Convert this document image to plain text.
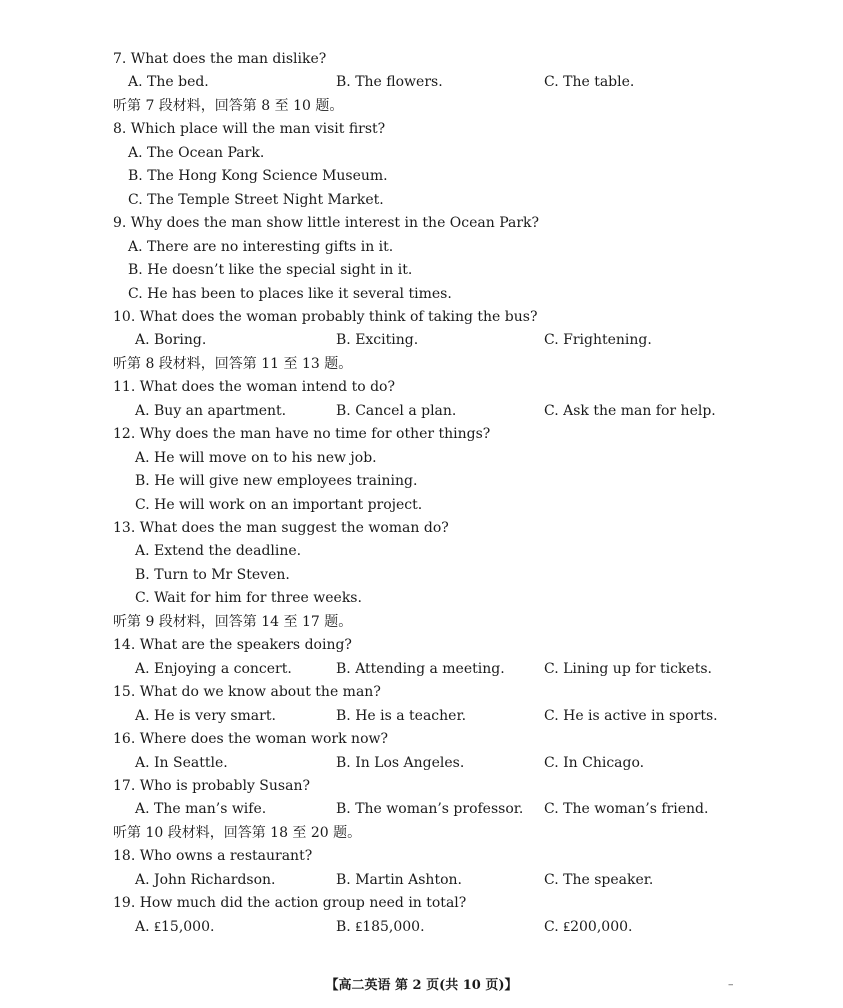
7. What does the man dislike?
A. The bed.	B. The flowers.	C. The table.
听第 7 段材料，回答第 8 至 10 题。
8. Which place will the man visit first?
A. The Ocean Park.
B. The Hong Kong Science Museum.
C. The Temple Street Night Market.
9. Why does the man show little interest in the Ocean Park?
A. There are no interesting gifts in it.
B. He doesn’t like the special sight in it.
C. He has been to places like it several times.
10. What does the woman probably think of taking the bus?
A. Boring.	B. Exciting.	C. Frightening.
听第 8 段材料，回答第 11 至 13 题。
11. What does the woman intend to do?
A. Buy an apartment.	B. Cancel a plan.	C. Ask the man for help.
12. Why does the man have no time for other things?
A. He will move on to his new job.
B. He will give new employees training.
C. He will work on an important project.
13. What does the man suggest the woman do?
A. Extend the deadline.
B. Turn to Mr Steven.
C. Wait for him for three weeks.
听第 9 段材料，回答第 14 至 17 题。
14. What are the speakers doing?
A. Enjoying a concert.	B. Attending a meeting.	C. Lining up for tickets.
15. What do we know about the man?
A. He is very smart.	B. He is a teacher.	C. He is active in sports.
16. Where does the woman work now?
A. In Seattle.	B. In Los Angeles.	C. In Chicago.
17. Who is probably Susan?
A. The man’s wife.	B. The woman’s professor. C. The woman’s friend.
听第 10 段材料，回答第 18 至 20 题。
18. Who owns a restaurant?
A. John Richardson.	B. Martin Ashton.	C. The speaker.
19. How much did the action group need in total?
A. ₤15,000.	B. ₤185,000.	C. ₤200,000.
【高二英语 第 2 页(共 10 页)】	–
